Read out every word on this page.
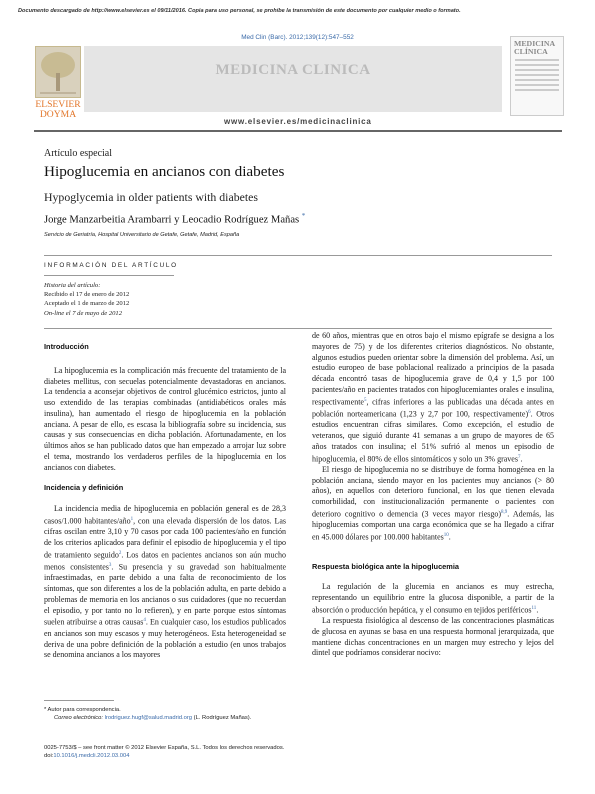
Documento descargado de http://www.elsevier.es el 09/11/2016. Copia para uso personal, se prohíbe la transmisión de este documento por cualquier medio o formato.
Med Clin (Barc). 2012;139(12):547–552
ELSEVIER
DOYMA
MEDICINA CLINICA
www.elsevier.es/medicinaclinica
MEDICINA CLÍNICA
Artículo especial
Hipoglucemia en ancianos con diabetes
Hypoglycemia in older patients with diabetes
Jorge Manzarbeitia Arambarri y Leocadio Rodríguez Mañas *
Servicio de Geriatría, Hospital Universitario de Getafe, Getafe, Madrid, España
INFORMACIÓN DEL ARTÍCULO
Historia del artículo:
Recibido el 17 de enero de 2012
Aceptado el 1 de marzo de 2012
On-line el 7 de mayo de 2012
Introducción

La hipoglucemia es la complicación más frecuente del tratamiento de la diabetes mellitus, con secuelas potencialmente devastadoras en ancianos. La tendencia a aconsejar objetivos de control glucémico estrictos, junto al uso extendido de las terapias combinadas (antidiabéticos orales más insulina), han aumentado el riesgo de hipoglucemia en la población anciana. A pesar de ello, es escasa la bibliografía sobre su incidencia, sus causas y sus consecuencias en dicha población. Afortunadamente, en los últimos años se han publicado datos que han empezado a arrojar luz sobre el tema, mostrando los verdaderos perfiles de la hipoglucemia en los ancianos con diabetes.

Incidencia y definición

La incidencia media de hipoglucemia en población general es de 28,3 casos/1.000 habitantes/año$^1$, con una elevada dispersión de los datos. Las cifras oscilan entre 3,10 y 70 casos por cada 100 pacientes/año en función de los criterios aplicados para definir el episodio de hipoglucemia y el tipo de tratamiento seguido$^2$. Los datos en pacientes ancianos son aún mucho menos consistentes$^3$. Su presencia y su gravedad son habitualmente infraestimadas, en parte debido a una falta de reconocimiento de los síntomas, que son diferentes a los de la población adulta, en parte debido a problemas de memoria en los ancianos o sus cuidadores (que no recuerdan el episodio, y por tanto no lo refieren), y en parte porque estos síntomas suelen atribuirse a otras causas$^4$. En cualquier caso, los estudios publicados en ancianos son muy escasos y muy heterogéneos. Esta heterogeneidad se deriva de una pobre definición de la población a estudio (en unos trabajos se denomina ancianos a los mayores

de 60 años, mientras que en otros bajo el mismo epígrafe se designa a los mayores de 75) y de los diferentes criterios diagnósticos. No obstante, algunos estudios pueden orientar sobre la dimensión del problema. Así, un estudio europeo de base poblacional realizado a principios de la pasada década encontró tasas de hipoglucemia grave de 0,4 y 1,5 por 100 pacientes/año en pacientes tratados con hipoglucemiantes orales e insulina, respectivamente$^5$, cifras inferiores a las publicadas una década antes en población norteamericana (1,23 y 2,7 por 100, respectivamente)$^6$. Otros estudios encuentran cifras similares. Como excepción, el estudio de veteranos, que siguió durante 41 semanas a un grupo de mayores de 65 años tratados con insulina; el 51% sufrió al menos un episodio de hipoglucemia, el 80% de ellos sintomáticos y solo un 3% graves$^7$.

El riesgo de hipoglucemia no se distribuye de forma homogénea en la población anciana, siendo mayor en los pacientes muy ancianos (> 80 años), en aquellos con deterioro funcional, en los que tienen elevada comorbilidad, con institucionalización permanente o pacientes con deterioro cognitivo o demencia (3 veces mayor riesgo)$^{8,9}$. Además, las hipoglucemias comportan una carga económica que se ha llegado a cifrar en 45.000 dólares por 100.000 habitantes$^{10}$.

Respuesta biológica ante la hipoglucemia

La regulación de la glucemia en ancianos es muy estrecha, representando un equilibrio entre la glucosa disponible, a partir de la absorción o producción hepática, y el consumo en tejidos periféricos$^{11}$.

La respuesta fisiológica al descenso de las concentraciones plasmáticas de glucosa en ayunas se basa en una respuesta hormonal jerarquizada, que mantiene dichas concentraciones en un margen muy estrecho y lejos del dintel que podríamos considerar nocivo:

* Autor para correspondencia.
Correo electrónico: lrodriguez.hugf@salud.madrid.org (L. Rodríguez Mañas).
0025-7753/$ – see front matter © 2012 Elsevier España, S.L. Todos los derechos reservados.
doi:10.1016/j.medcli.2012.03.004
